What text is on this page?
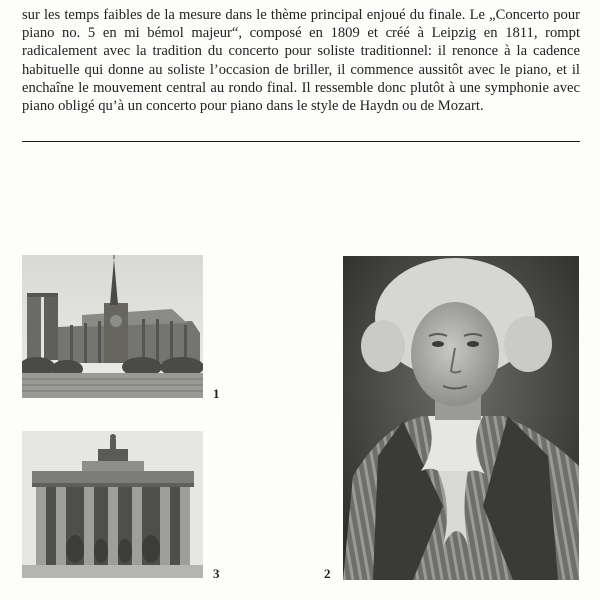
sur les temps faibles de la mesure dans le thème principal enjoué du finale. Le „Concerto pour piano no. 5 en mi bémol majeur“, composé en 1809 et créé à Leipzig en 1811, rompt radicalement avec la tradition du concerto pour soliste traditionnel: il renonce à la cadence habituelle qui donne au soliste l’occasion de briller, il commence aussitôt avec le piano, et il enchaîne le mouvement central au rondo final. Il ressemble donc plutôt à une symphonie avec piano obligé qu’à un concerto pour piano dans le style de Haydn ou de Mozart.

1
3	2
